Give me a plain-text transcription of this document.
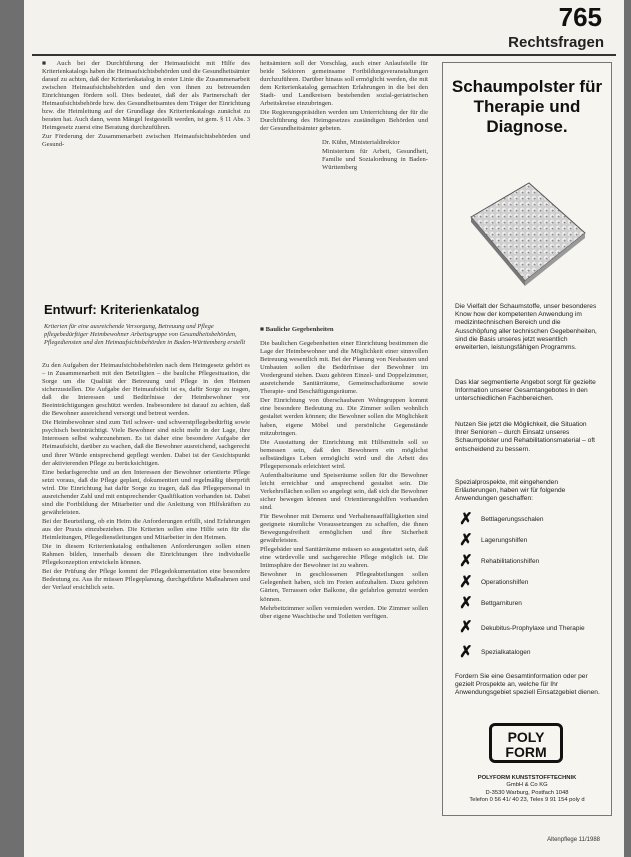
765
Rechtsfragen

■ Auch bei der Durchführung der Heimaufsicht mit Hilfe des Kriterienkatalogs haben die Heimaufsichtsbehörden und die Gesundheitsämter darauf zu achten, daß der Kriterienkatalog in erster Linie die Zusammenarbeit zwischen Heimaufsichtsbehörden und den von ihnen zu betreuenden Einrichtungen fördern soll. Dies bedeutet, daß der als Partnerschaft der Heimaufsichtsbehörde bzw. des Gesundheitsamtes dem Träger der Einrichtung bzw. die Heimleitung auf der Grundlage des Kriterienkatalogs zunächst zu beraten hat. Auch dann, wenn Mängel festgestellt werden, ist gem. § 11 Abs. 3 Heimgesetz zuerst eine Beratung durchzuführen.

Zur Förderung der Zusammenarbeit zwischen Heimaufsichtsbehörden und Gesund-

heitsämtern soll der Vorschlag, auch einer Anlaufstelle für beide Sektoren gemeinsame Fortbildungsveranstaltungen durchzuführen. Darüber hinaus soll ermöglicht werden, die mit dem Kriterienkatalog gemachten Erfahrungen in die bei den Stadt- und Landkreisen bestehenden sozial-geriatrischen Arbeitskreise einzubringen.

Die Regierungspräsidien werden um Unterrichtung der für die Durchführung des Heimgesetzes zuständigen Behörden und der Gesundheitsämter gebeten.

Dr. Kühn, Ministerialdirektor
Ministerium für Arbeit, Gesundheit, Familie und Sozialordnung in Baden-Württemberg
Entwurf: Kriterienkatalog
Kriterien für eine ausreichende Versorgung, Betreuung und Pflege pflegebedürftiger Heimbewohner Arbeitsgruppe von Gesundheitsbehörden, Pflegediensten und den Heimaufsichtsbehörden in Baden-Württemberg erstellt

Zu den Aufgaben der Heimaufsichtsbehörden nach dem Heimgesetz gehört es – in Zusammenarbeit mit den Beteiligten – die bauliche Pflegesituation, die Sorge um die Qualität der Betreuung und Pflege in den Heimen sicherzustellen. Die Aufgabe der Heimaufsicht ist es, dafür Sorge zu tragen, daß die Interessen und Bedürfnisse der Heimbewohner vor Beeinträchtigungen geschützt werden. Insbesondere ist darauf zu achten, daß die Bewohner ausreichend versorgt und betreut werden.

Die Heimbewohner sind zum Teil schwer- und schwerstpflegebedürftig sowie psychisch beeinträchtigt. Viele Bewohner sind nicht mehr in der Lage, ihre Interessen selbst wahrzunehmen. Es ist daher eine besondere Aufgabe der Heimaufsicht, darüber zu wachen, daß die Bewohner ausreichend, sachgerecht und ihrer Würde entsprechend gepflegt werden. Dabei ist der Gesichtspunkt der aktivierenden Pflege zu berücksichtigen.

Eine bedarfsgerechte und an den Interessen der Bewohner orientierte Pflege setzt voraus, daß die Pflege geplant, dokumentiert und regelmäßig überprüft wird. Die Einrichtung hat dafür Sorge zu tragen, daß das Pflegepersonal in ausreichender Zahl und mit entsprechender Qualifikation vorhanden ist. Dabei sind die Fortbildung der Mitarbeiter und die Anleitung von Hilfskräften zu gewährleisten.

Bei der Beurteilung, ob ein Heim die Anforderungen erfüllt, sind Erfahrungen aus der Praxis einzubeziehen. Die Kriterien sollen eine Hilfe sein für die Heimleitungen, Pflegedienstleitungen und Mitarbeiter in den Heimen.

Die in diesem Kriterienkatalog enthaltenen Anforderungen sollen einen Rahmen bilden, innerhalb dessen die Einrichtungen ihre individuelle Pflegekonzeption entwickeln können.

Bei der Prüfung der Pflege kommt der Pflegedokumentation eine besondere Bedeutung zu. Aus ihr müssen Pflegeplanung, durchgeführte Maßnahmen und der Verlauf ersichtlich sein.

■ Bauliche Gegebenheiten

Die baulichen Gegebenheiten einer Einrichtung bestimmen die Lage der Heimbewohner und die Möglichkeit einer sinnvollen Betreuung wesentlich mit. Bei der Planung von Neubauten und Umbauten sollen die Bedürfnisse der Bewohner im Vordergrund stehen. Dazu gehören Einzel- und Doppelzimmer, ausreichende Sanitärräume, Gemeinschaftsräume sowie Therapie- und Beschäftigungsräume.

Der Einrichtung von überschaubaren Wohngruppen kommt eine besondere Bedeutung zu. Die Zimmer sollen wohnlich gestaltet werden können; die Bewohner sollen die Möglichkeit haben, eigene Möbel und persönliche Gegenstände mitzubringen.

Die Ausstattung der Einrichtung mit Hilfsmitteln soll so bemessen sein, daß den Bewohnern ein möglichst selbständiges Leben ermöglicht wird und die Arbeit des Pflegepersonals erleichtert wird.

Aufenthaltsräume und Speiseräume sollen für die Bewohner leicht erreichbar und ansprechend gestaltet sein. Die Verkehrsflächen sollen so angelegt sein, daß sich die Bewohner sicher bewegen können und Orientierungshilfen vorhanden sind.

Für Bewohner mit Demenz und Verhaltensauffälligkeiten sind geeignete räumliche Voraussetzungen zu schaffen, die ihnen Bewegungsfreiheit ermöglichen und ihre Sicherheit gewährleisten.

Pflegebäder und Sanitärräume müssen so ausgestattet sein, daß eine würdevolle und sachgerechte Pflege möglich ist. Die Intimsphäre der Bewohner ist zu wahren.

Bewohner in geschlossenen Pflegeabteilungen sollen Gelegenheit haben, sich im Freien aufzuhalten. Dazu gehören Gärten, Terrassen oder Balkone, die gefahrlos genutzt werden können.

Mehrbettzimmer sollen vermieden werden. Die Zimmer sollen über eigene Waschtische und Toiletten verfügen.

Schaumpolster für Therapie und Diagnose.
Die Vielfalt der Schaumstoffe, unser besonderes Know how der kompetenten Anwendung im medizintechnischen Bereich und die Ausschöpfung aller technischen Gegebenheiten, sind die Basis unseres jetzt wesentlich erweiterten, leistungsfähigen Programms.
Das klar segmentierte Angebot sorgt für gezielte Information unserer Gesamtangebotes in den unterschiedlichen Fachbereichen.
Nutzen Sie jetzt die Möglichkeit, die Situation Ihrer Senioren – durch Einsatz unseres Schaumpolster und Rehabilitationsmaterial – oft entscheidend zu bessern.
Spezialprospekte, mit eingehenden Erläuterungen, haben wir für folgende Anwendungen geschaffen:
✗ Bettlagerungsschalen
✗ Lagerungshilfen
✗ Rehabilitationshilfen
✗ Operationshilfen
✗ Bettgarnituren
✗ Dekubitus-Prophylaxe und Therapie
✗ Spezialkatalogen
Fordern Sie eine Gesamtinformation oder per gezielt Prospekte an, welche für Ihr Anwendungsgebiet speziell Einsatzgebiet dienen.
POLY
FORM
POLYFORM KUNSTSTOFFTECHNIK
GmbH & Co KG
D-3530 Warburg, Postfach 1048
Telefon 0 56 41/ 40 23, Telex 9 91 154 poly d
Altenpflege 11/1988
